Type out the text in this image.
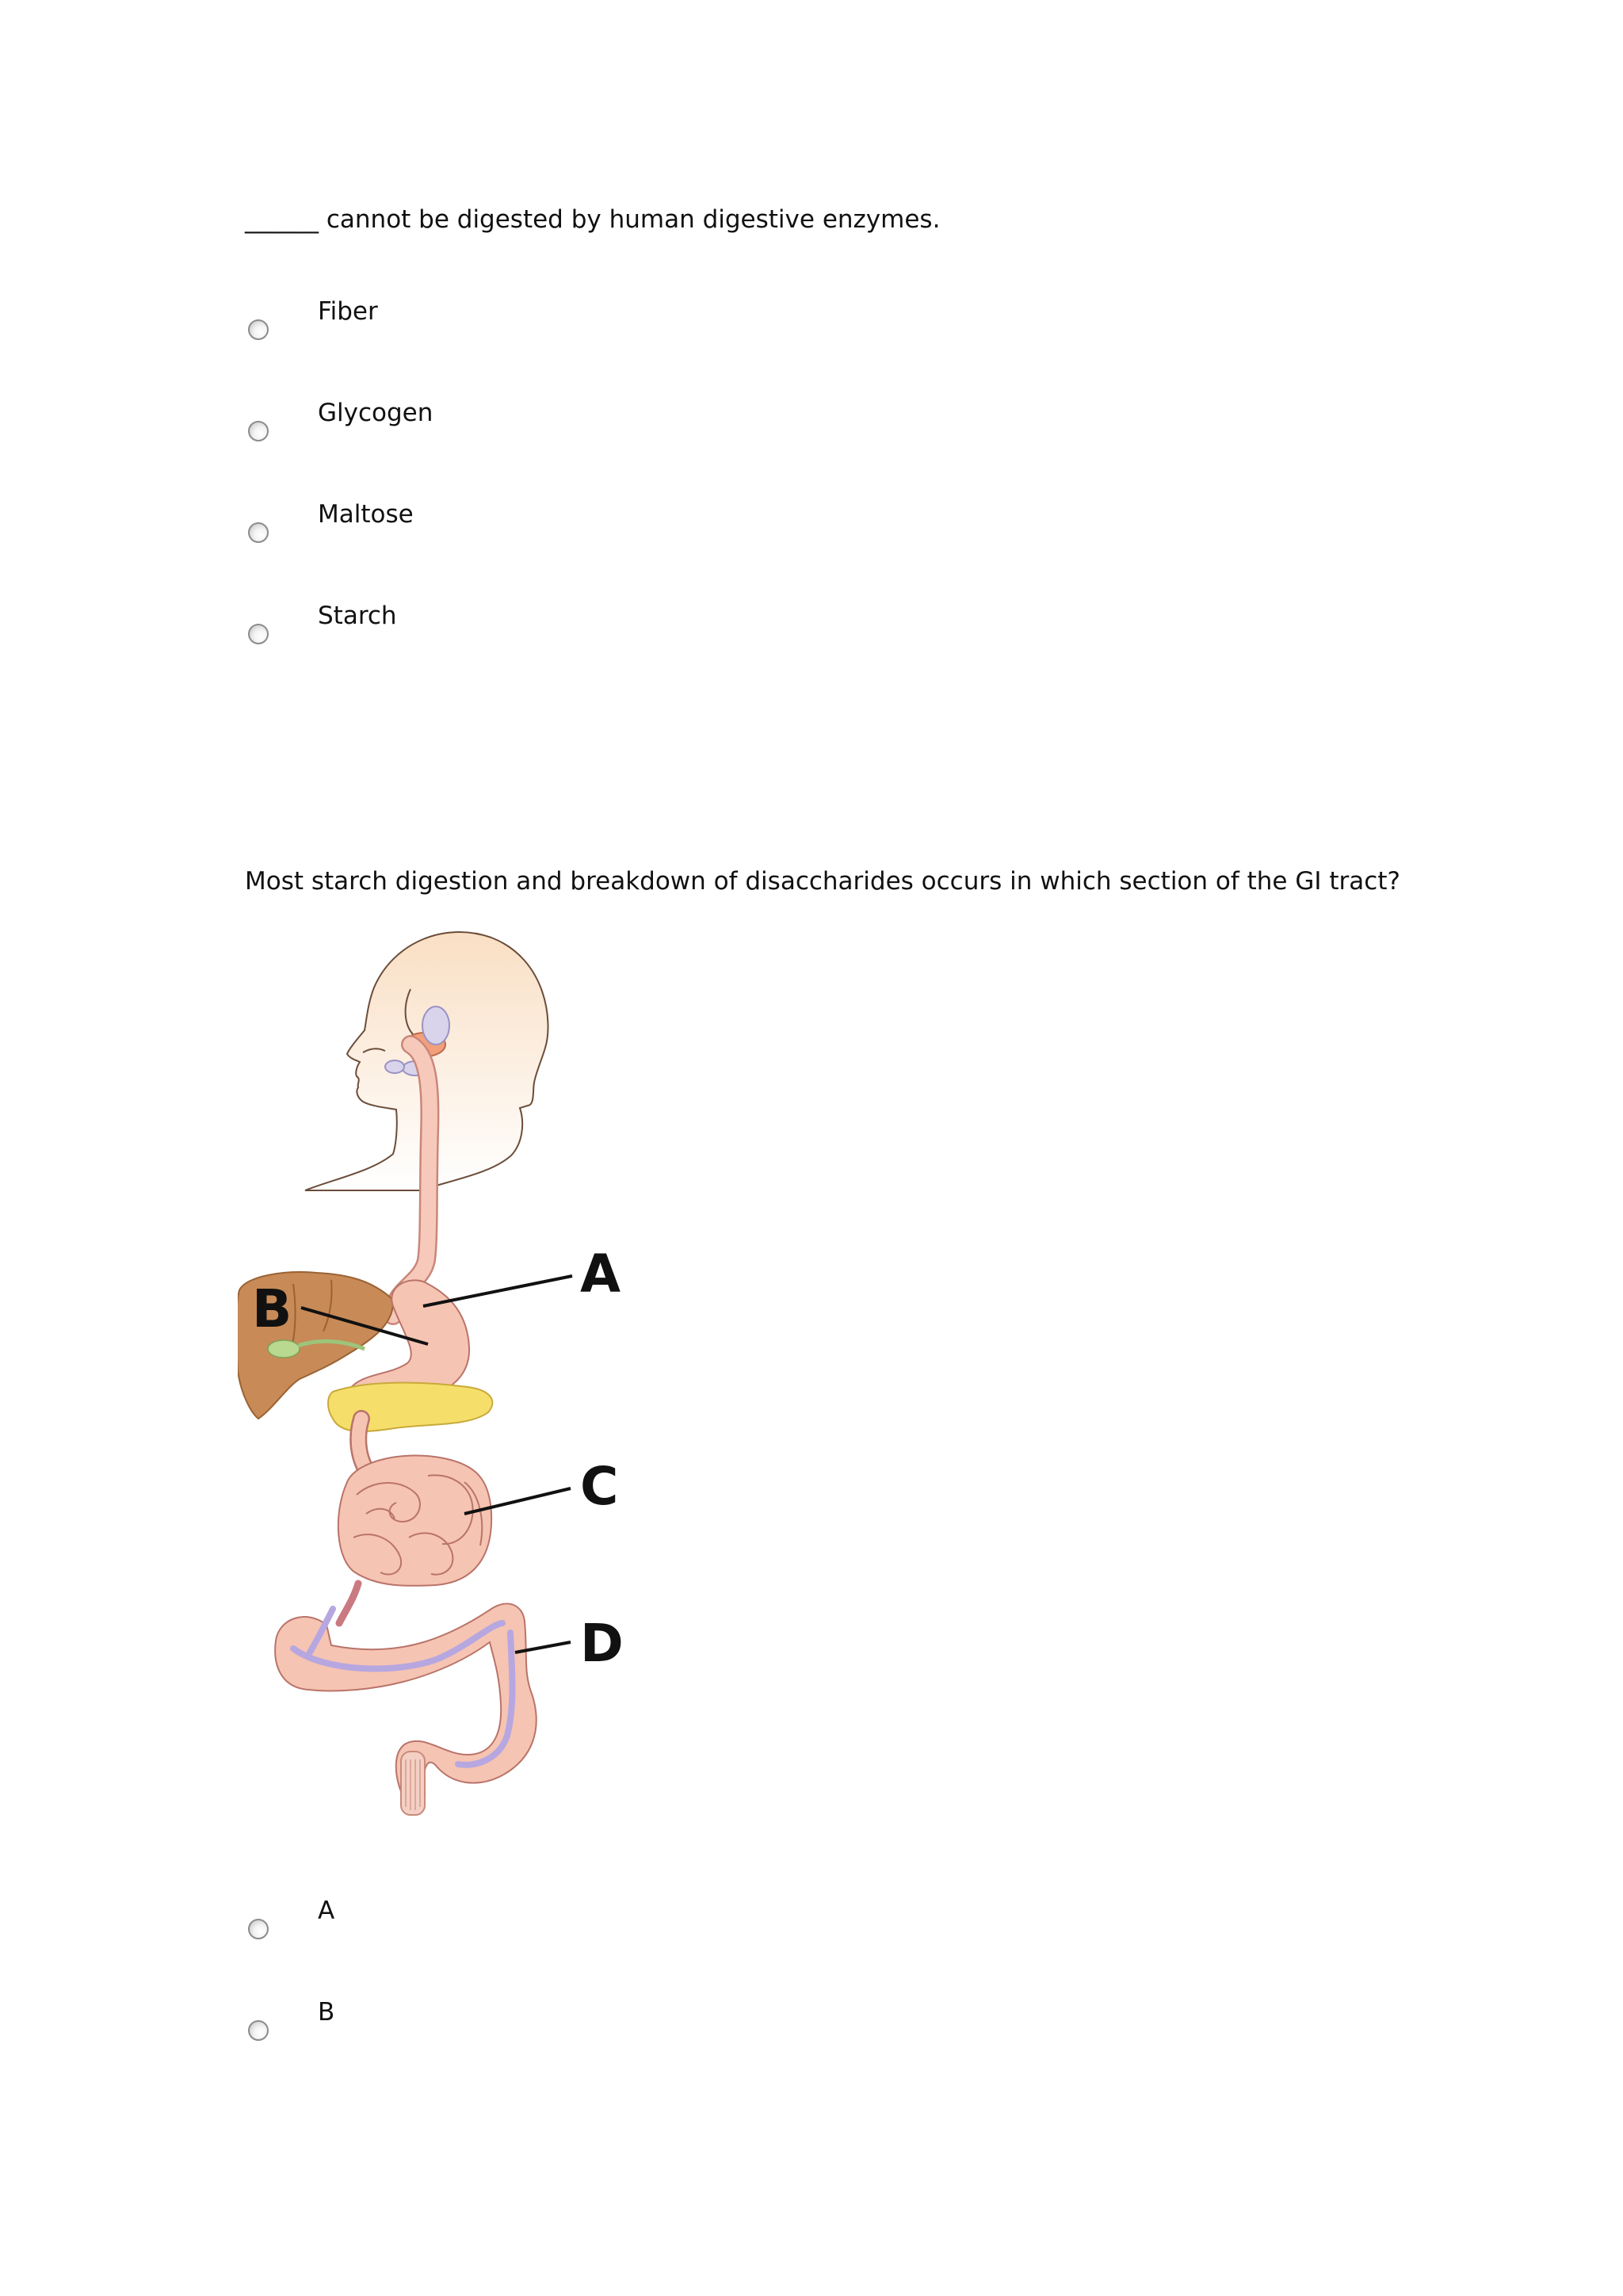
______ cannot be digested by human digestive enzymes.
Fiber
Glycogen
Maltose
Starch
Most starch digestion and breakdown of disaccharides occurs in which section of the GI tract?
A
B
C
D
A
B
